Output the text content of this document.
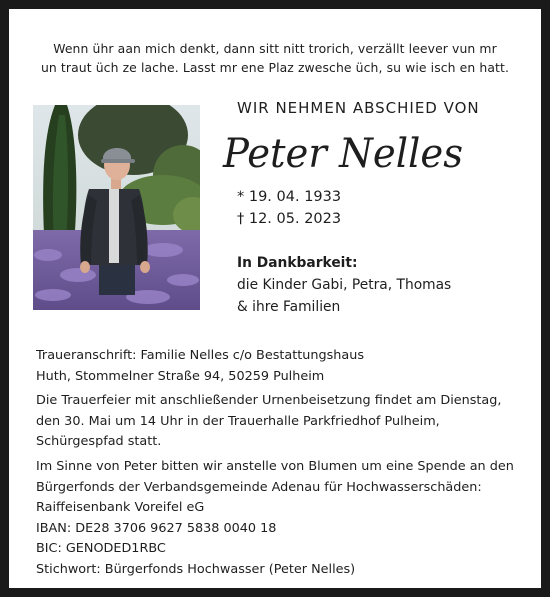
Wenn ühr aan mich denkt, dann sitt nitt trorich, verzällt leever vun mr
un traut üch ze lache. Lasst mr ene Plaz zwesche üch, su wie isch en hatt.
WIR NEHMEN ABSCHIED VON
Peter Nelles
* 19. 04. 1933
† 12. 05. 2023
In Dankbarkeit:
die Kinder Gabi, Petra, Thomas
& ihre Familien
Traueranschrift: Familie Nelles c/o Bestattungshaus
Huth, Stommelner Straße 94, 50259 Pulheim
Die Trauerfeier mit anschließender Urnenbeisetzung findet am Dienstag,
den 30. Mai um 14 Uhr in der Trauerhalle Parkfriedhof Pulheim,
Schürgespfad statt.
Im Sinne von Peter bitten wir anstelle von Blumen um eine Spende an den
Bürgerfonds der Verbandsgemeinde Adenau für Hochwasserschäden:
Raiffeisenbank Voreifel eG
IBAN: DE28 3706 9627 5838 0040 18
BIC: GENODED1RBC
Stichwort: Bürgerfonds Hochwasser (Peter Nelles)
